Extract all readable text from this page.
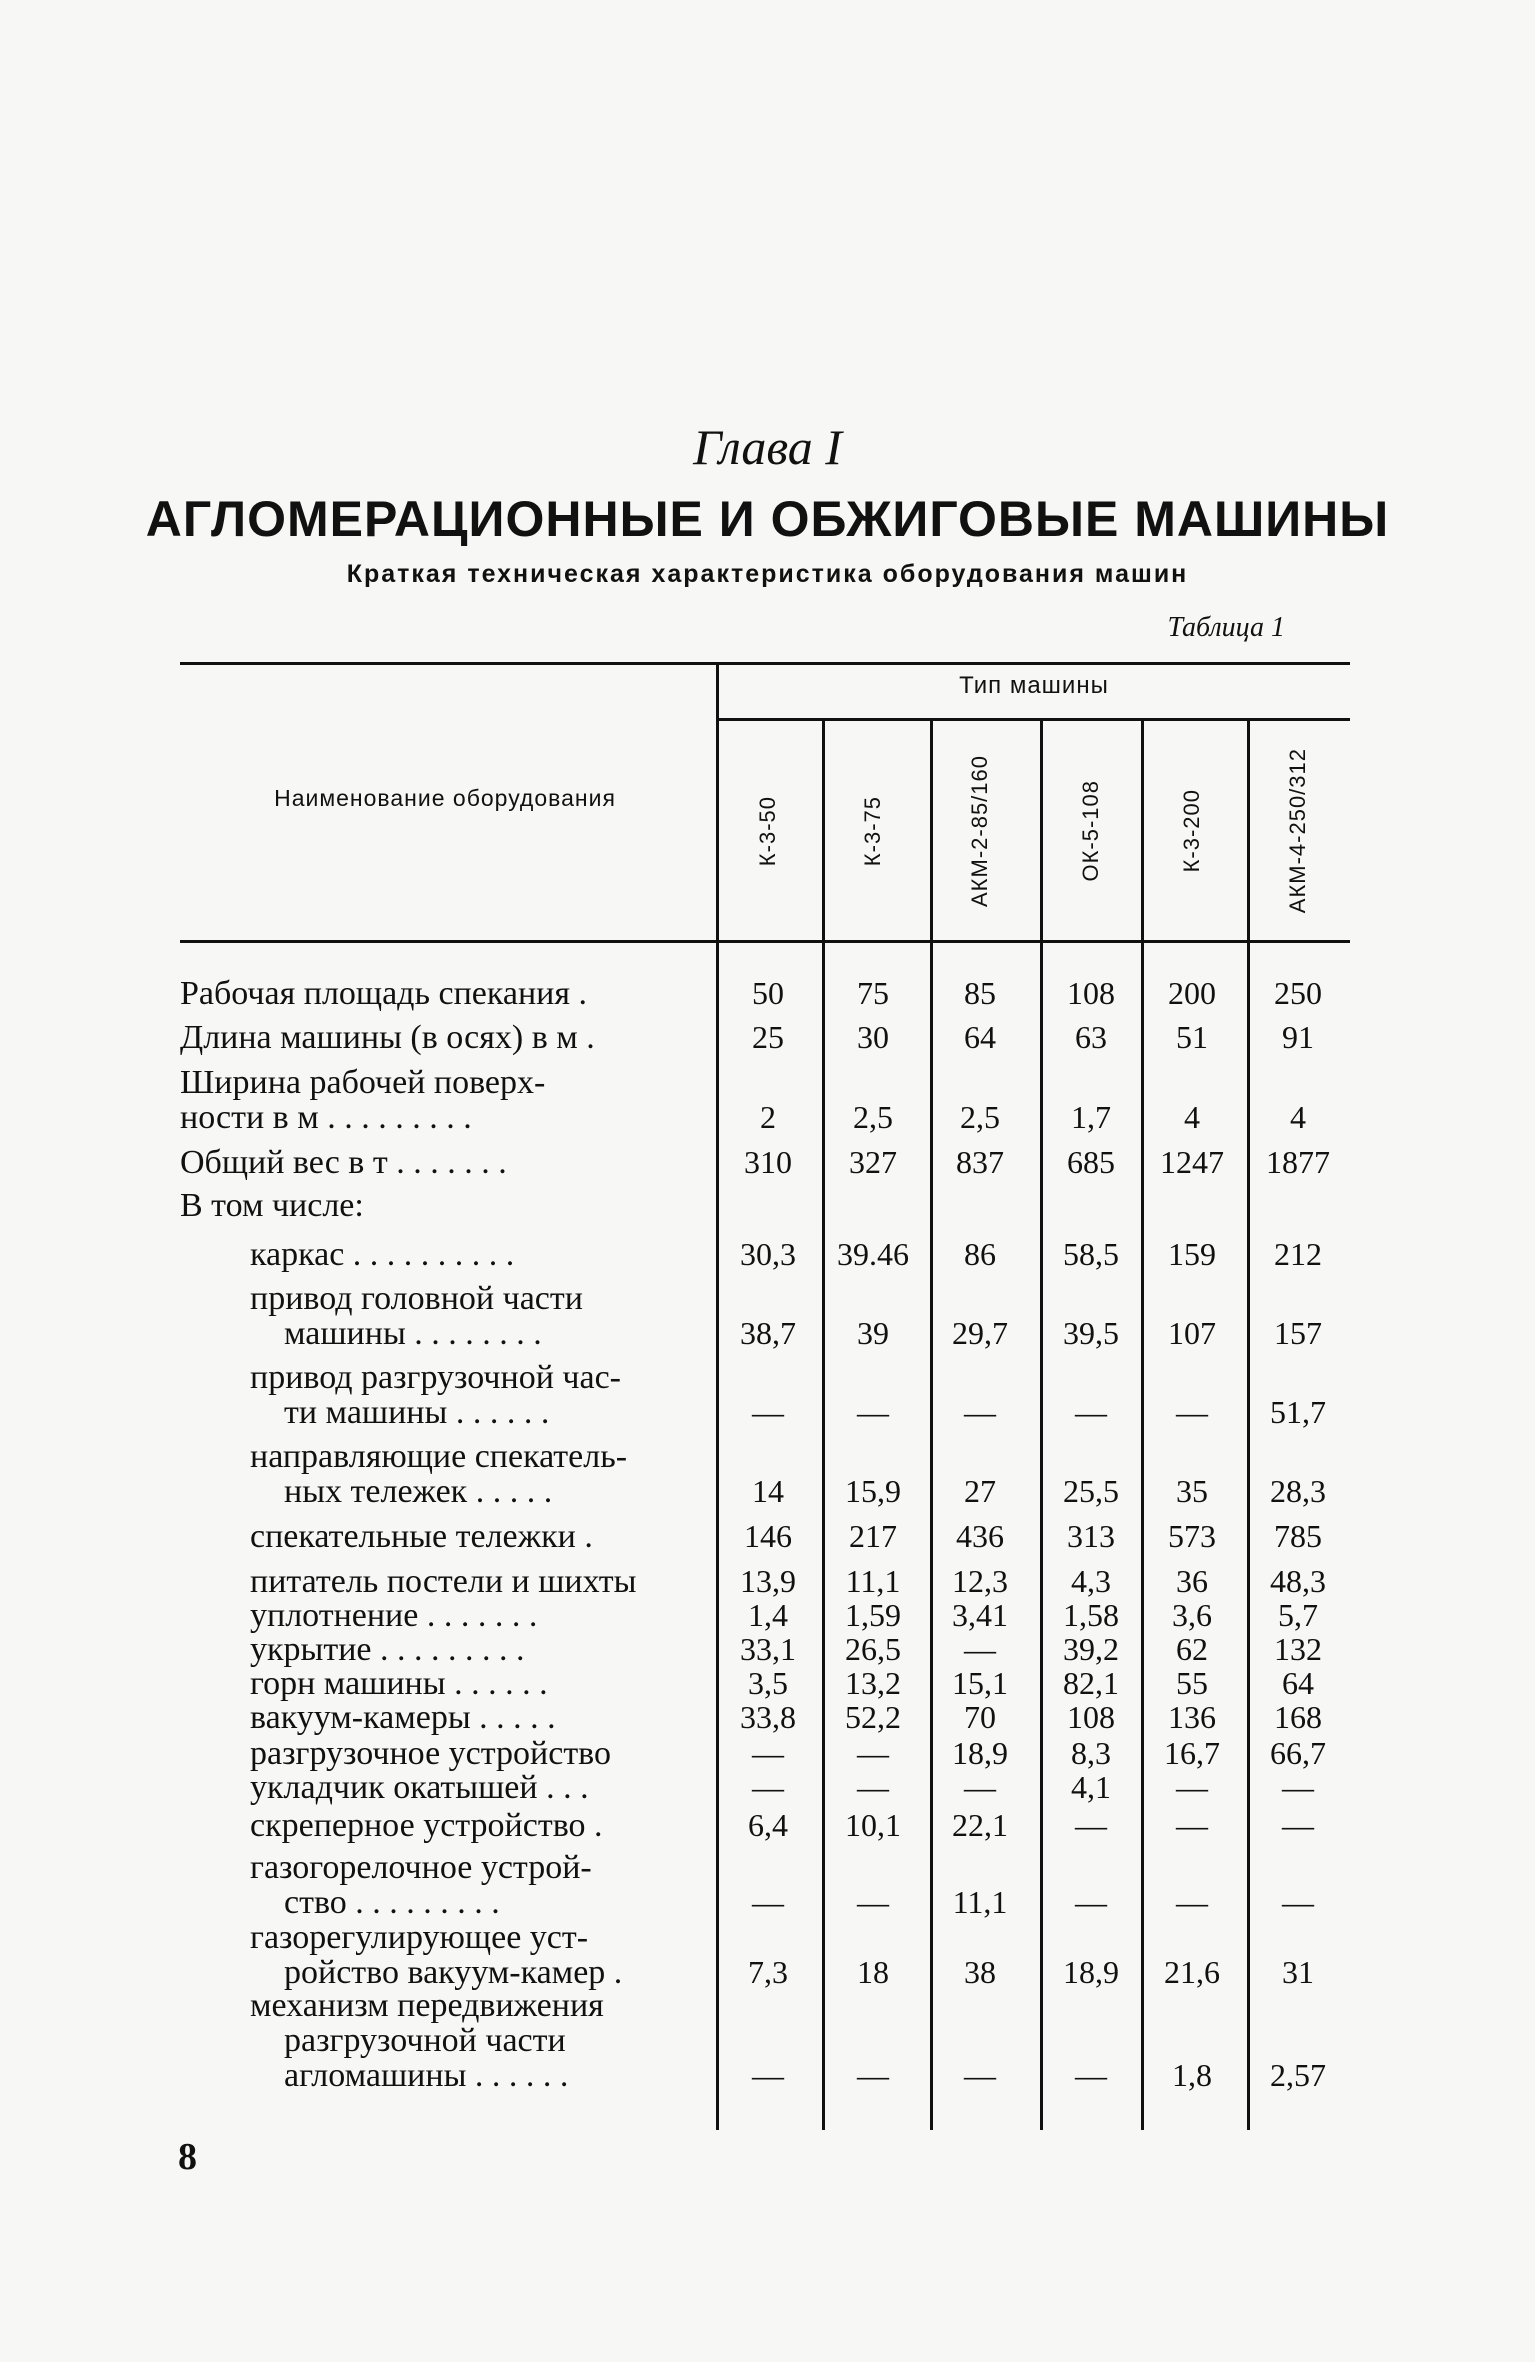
Глава I
АГЛОМЕРАЦИОННЫЕ И ОБЖИГОВЫЕ МАШИНЫ
Краткая техническая характеристика оборудования машин
Таблица 1
Наименование оборудования
Тип машины
К-3-50	К-3-75	АКМ-2-85/160	ОК-5-108	К-3-200	АКМ-4-250/312
8
Рабочая площадь спекания .	50	75	85	108	200	250
Длина машины (в осях) в м .	25	30	64	63	51	91
Ширина рабочей поверх-
ности в м . . . . . . . . .	2	2,5	2,5	1,7	4	4
Общий вес в т . . . . . . .	310	327	837	685	1247	1877
В том числе:
каркас . . . . . . . . . .	30,3	39.46	86	58,5	159	212
привод головной части
машины . . . . . . . .	38,7	39	29,7	39,5	107	157
привод разгрузочной час-
ти машины . . . . . .	—	—	—	—	—	51,7
направляющие спекатель-
ных тележек . . . . .	14	15,9	27	25,5	35	28,3
спекательные тележки .	146	217	436	313	573	785
питатель постели и шихты	13,9	11,1	12,3	4,3	36	48,3
уплотнение . . . . . . .	1,4	1,59	3,41	1,58	3,6	5,7
укрытие . . . . . . . . .	33,1	26,5	—	39,2	62	132
горн машины . . . . . .	3,5	13,2	15,1	82,1	55	64
вакуум-камеры . . . . .	33,8	52,2	70	108	136	168
разгрузочное устройство	—	—	18,9	8,3	16,7	66,7
укладчик окатышей . . .	—	—	—	4,1	—	—
скреперное устройство .	6,4	10,1	22,1	—	—	—
газогорелочное устрой-
ство . . . . . . . . .	—	—	11,1	—	—	—
газорегулирующее уст-
ройство вакуум-камер .	7,3	18	38	18,9	21,6	31
механизм передвижения
разгрузочной части
агломашины . . . . . .	—	—	—	—	1,8	2,57
